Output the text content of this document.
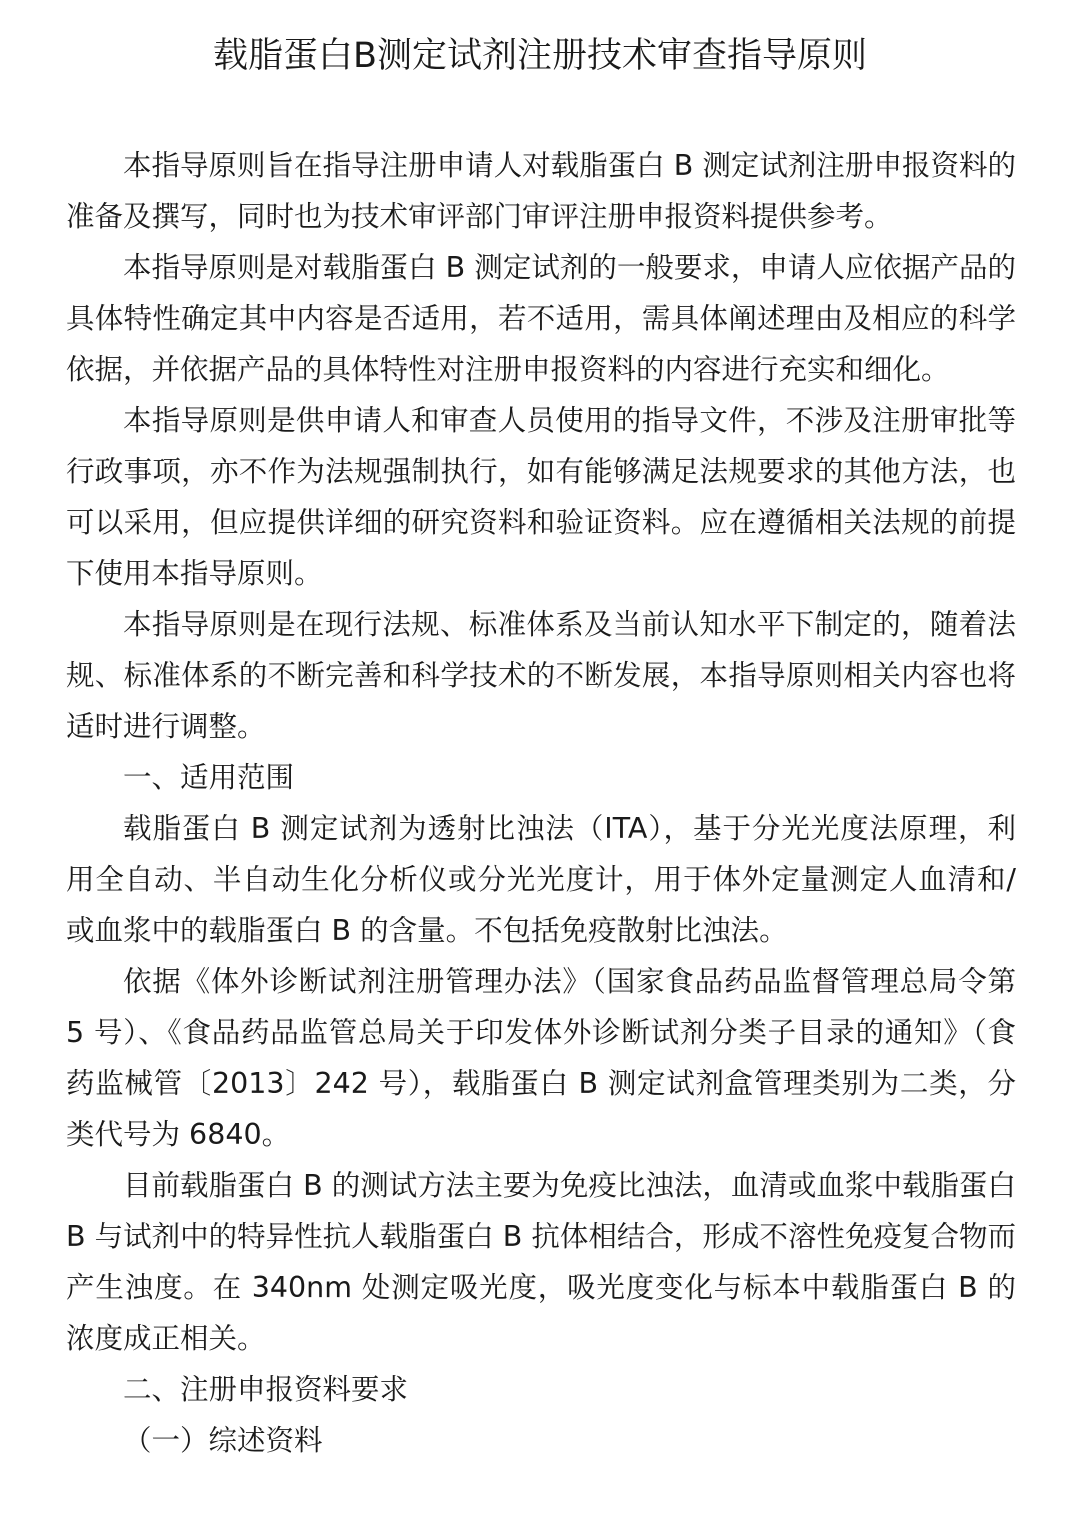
载脂蛋白B测定试剂注册技术审查指导原则

本指导原则旨在指导注册申请人对载脂蛋白 B 测定试剂注册申报资料的准备及撰写，同时也为技术审评部门审评注册申报资料提供参考。

本指导原则是对载脂蛋白 B 测定试剂的一般要求，申请人应依据产品的具体特性确定其中内容是否适用，若不适用，需具体阐述理由及相应的科学依据，并依据产品的具体特性对注册申报资料的内容进行充实和细化。

本指导原则是供申请人和审查人员使用的指导文件，不涉及注册审批等行政事项，亦不作为法规强制执行，如有能够满足法规要求的其他方法，也可以采用，但应提供详细的研究资料和验证资料。应在遵循相关法规的前提下使用本指导原则。

本指导原则是在现行法规、标准体系及当前认知水平下制定的，随着法规、标准体系的不断完善和科学技术的不断发展，本指导原则相关内容也将适时进行调整。

一、适用范围

载脂蛋白 B 测定试剂为透射比浊法（ITA），基于分光光度法原理，利用全自动、半自动生化分析仪或分光光度计，用于体外定量测定人血清和/或血浆中的载脂蛋白 B 的含量。不包括免疫散射比浊法。

依据《体外诊断试剂注册管理办法》（国家食品药品监督管理总局令第 5 号）、《食品药品监管总局关于印发体外诊断试剂分类子目录的通知》（食药监械管〔2013〕242 号），载脂蛋白 B 测定试剂盒管理类别为二类，分类代号为 6840。

目前载脂蛋白 B 的测试方法主要为免疫比浊法，血清或血浆中载脂蛋白 B 与试剂中的特异性抗人载脂蛋白 B 抗体相结合，形成不溶性免疫复合物而产生浊度。在 340nm 处测定吸光度，吸光度变化与标本中载脂蛋白 B 的浓度成正相关。

二、注册申报资料要求

（一）综述资料
